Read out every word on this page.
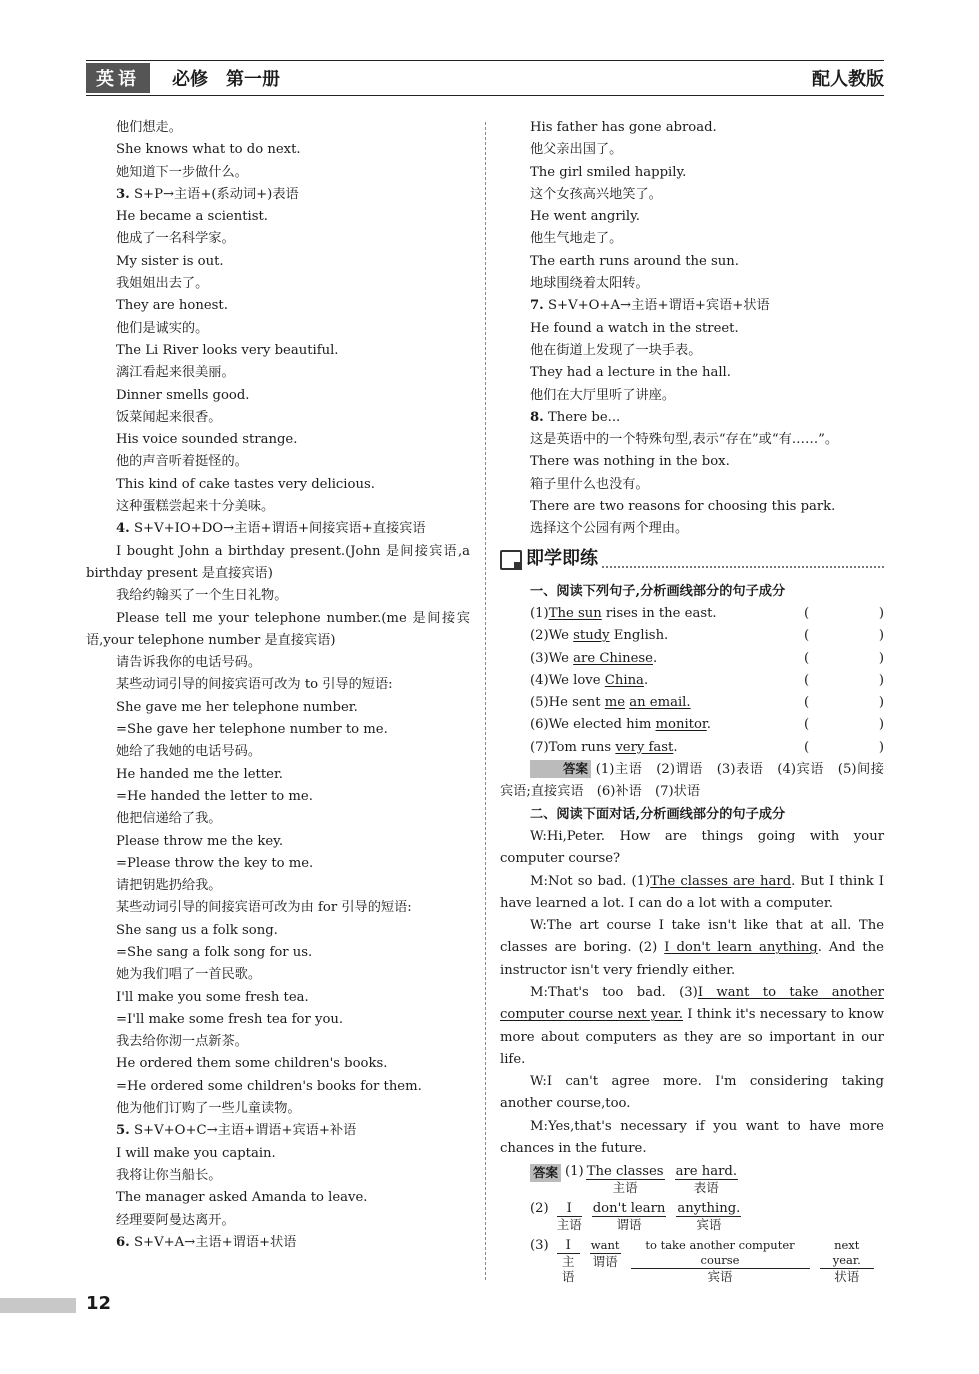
英语	必修　第一册	配人教版
他们想走。
She knows what to do next.
她知道下一步做什么。
3. S+P→主语+(系动词+)表语
He became a scientist.
他成了一名科学家。
My sister is out.
我姐姐出去了。
They are honest.
他们是诚实的。
The Li River looks very beautiful.
漓江看起来很美丽。
Dinner smells good.
饭菜闻起来很香。
His voice sounded strange.
他的声音听着挺怪的。
This kind of cake tastes very delicious.
这种蛋糕尝起来十分美味。
4. S+V+IO+DO→主语+谓语+间接宾语+直接宾语
I bought John a birthday present.(John 是间接宾语,a birthday present 是直接宾语)
我给约翰买了一个生日礼物。
Please tell me your telephone number.(me 是间接宾语,your telephone number 是直接宾语)
请告诉我你的电话号码。
某些动词引导的间接宾语可改为 to 引导的短语:
She gave me her telephone number.
=She gave her telephone number to me.
她给了我她的电话号码。
He handed me the letter.
=He handed the letter to me.
他把信递给了我。
Please throw me the key.
=Please throw the key to me.
请把钥匙扔给我。
某些动词引导的间接宾语可改为由 for 引导的短语:
She sang us a folk song.
=She sang a folk song for us.
她为我们唱了一首民歌。
I'll make you some fresh tea.
=I'll make some fresh tea for you.
我去给你沏一点新茶。
He ordered them some children's books.
=He ordered some children's books for them.
他为他们订购了一些儿童读物。
5. S+V+O+C→主语+谓语+宾语+补语
I will make you captain.
我将让你当船长。
The manager asked Amanda to leave.
经理要阿曼达离开。
6. S+V+A→主语+谓语+状语
His father has gone abroad.
他父亲出国了。
The girl smiled happily.
这个女孩高兴地笑了。
He went angrily.
他生气地走了。
The earth runs around the sun.
地球围绕着太阳转。
7. S+V+O+A→主语+谓语+宾语+状语
He found a watch in the street.
他在街道上发现了一块手表。
They had a lecture in the hall.
他们在大厅里听了讲座。
8. There be...
这是英语中的一个特殊句型,表示“存在”或“有……”。
There was nothing in the box.
箱子里什么也没有。
There are two reasons for choosing this park.
选择这个公园有两个理由。
即学即练
一、阅读下列句子,分析画线部分的句子成分
(1)The sun rises in the east.	(	)
(2)We study English.	(	)
(3)We are Chinese.	(	)
(4)We love China.	(	)
(5)He sent me an email.	(	)
(6)We elected him monitor.	(	)
(7)Tom runs very fast.	(	)
答案 (1)主语　(2)谓语　(3)表语　(4)宾语　(5)间接宾语;直接宾语　(6)补语　(7)状语
二、阅读下面对话,分析画线部分的句子成分
W:Hi,Peter. How are things going with your computer course?
M:Not so bad. (1)The classes are hard. But I think I have learned a lot. I can do a lot with a computer.
W:The art course I take isn't like that at all. The classes are boring. (2) I don't learn anything. And the instructor isn't very friendly either.
M:That's too bad. (3)I want to take another computer course next year. I think it's necessary to know more about computers as they are so important in our life.
W:I can't agree more. I'm considering taking another course,too.
M:Yes,that's necessary if you want to have more chances in the future.
答案 (1) The classes
主语
are hard.
表语
(2)	I
主语
don't learn
谓语
anything.
宾语
(3)	I
主语
want
谓语
to take another computer course
宾语
next year.
状语
12
